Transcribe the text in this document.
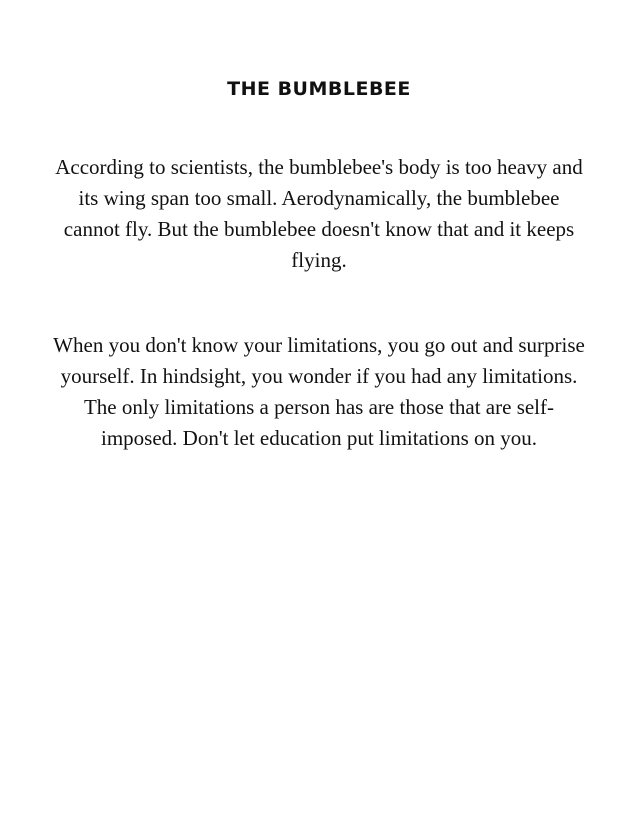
THE BUMBLEBEE

According to scientists, the bumblebee's body is too heavy and its wing span too small. Aerodynamically, the bumblebee cannot fly. But the bumblebee doesn't know that and it keeps flying.

When you don't know your limitations, you go out and surprise yourself. In hindsight, you wonder if you had any limitations. The only limitations a person has are those that are self-imposed. Don't let education put limitations on you.
